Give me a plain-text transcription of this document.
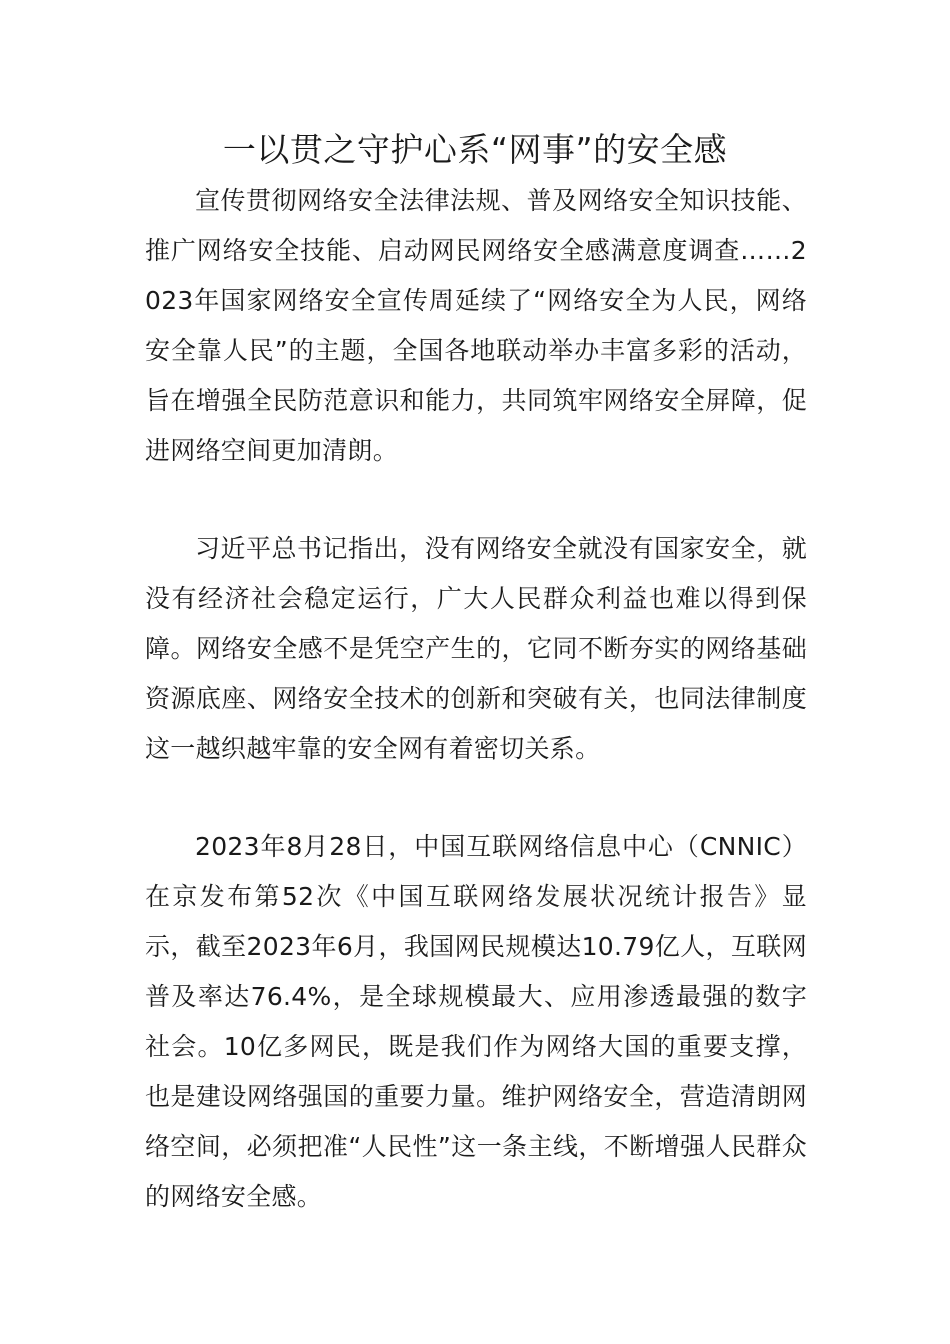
一以贯之守护心系“网事”的安全感

宣传贯彻网络安全法律法规、普及网络安全知识技能、推广网络安全技能、启动网民网络安全感满意度调查……2023年国家网络安全宣传周延续了“网络安全为人民，网络安全靠人民”的主题，全国各地联动举办丰富多彩的活动，旨在增强全民防范意识和能力，共同筑牢网络安全屏障，促进网络空间更加清朗。

习近平总书记指出，没有网络安全就没有国家安全，就没有经济社会稳定运行，广大人民群众利益也难以得到保障。网络安全感不是凭空产生的，它同不断夯实的网络基础资源底座、网络安全技术的创新和突破有关，也同法律制度这一越织越牢靠的安全网有着密切关系。

2023年8月28日，中国互联网络信息中心（CNNIC）在京发布第52次《中国互联网络发展状况统计报告》显示，截至2023年6月，我国网民规模达10.79亿人，互联网普及率达76.4%，是全球规模最大、应用渗透最强的数字社会。10亿多网民，既是我们作为网络大国的重要支撑，也是建设网络强国的重要力量。维护网络安全，营造清朗网络空间，必须把准“人民性”这一条主线，不断增强人民群众的网络安全感。
